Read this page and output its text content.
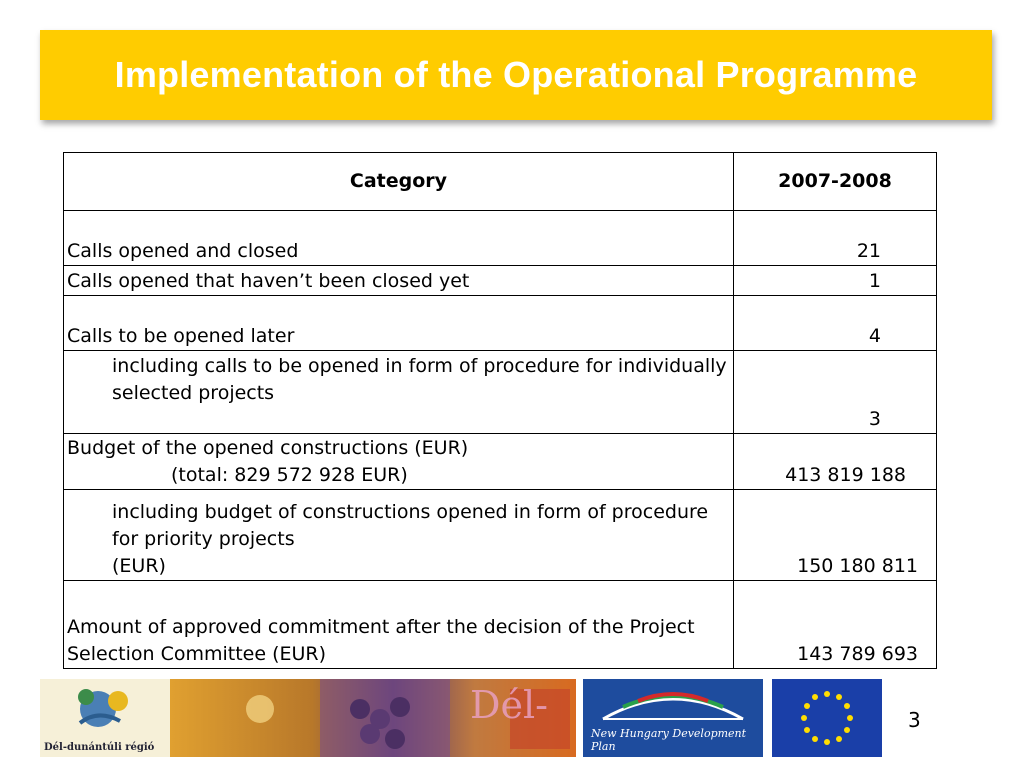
Implementation of the Operational Programme
Category	2007-2008
Calls opened and closed	21
Calls opened that haven’t been closed yet	1
Calls to be opened later	4
including calls to be opened in form of procedure for individually selected projects	3

Budget of the opened constructions (EUR)
(total: 829 572 928 EUR)	413 819 188

including budget of constructions opened in form of procedure for priority projects
(EUR)	150 180 811
Amount of approved commitment after the decision of the Project Selection Committee (EUR)	143 789 693
Dél-dunántúli régió
Dél-
New Hungary Development Plan
3
